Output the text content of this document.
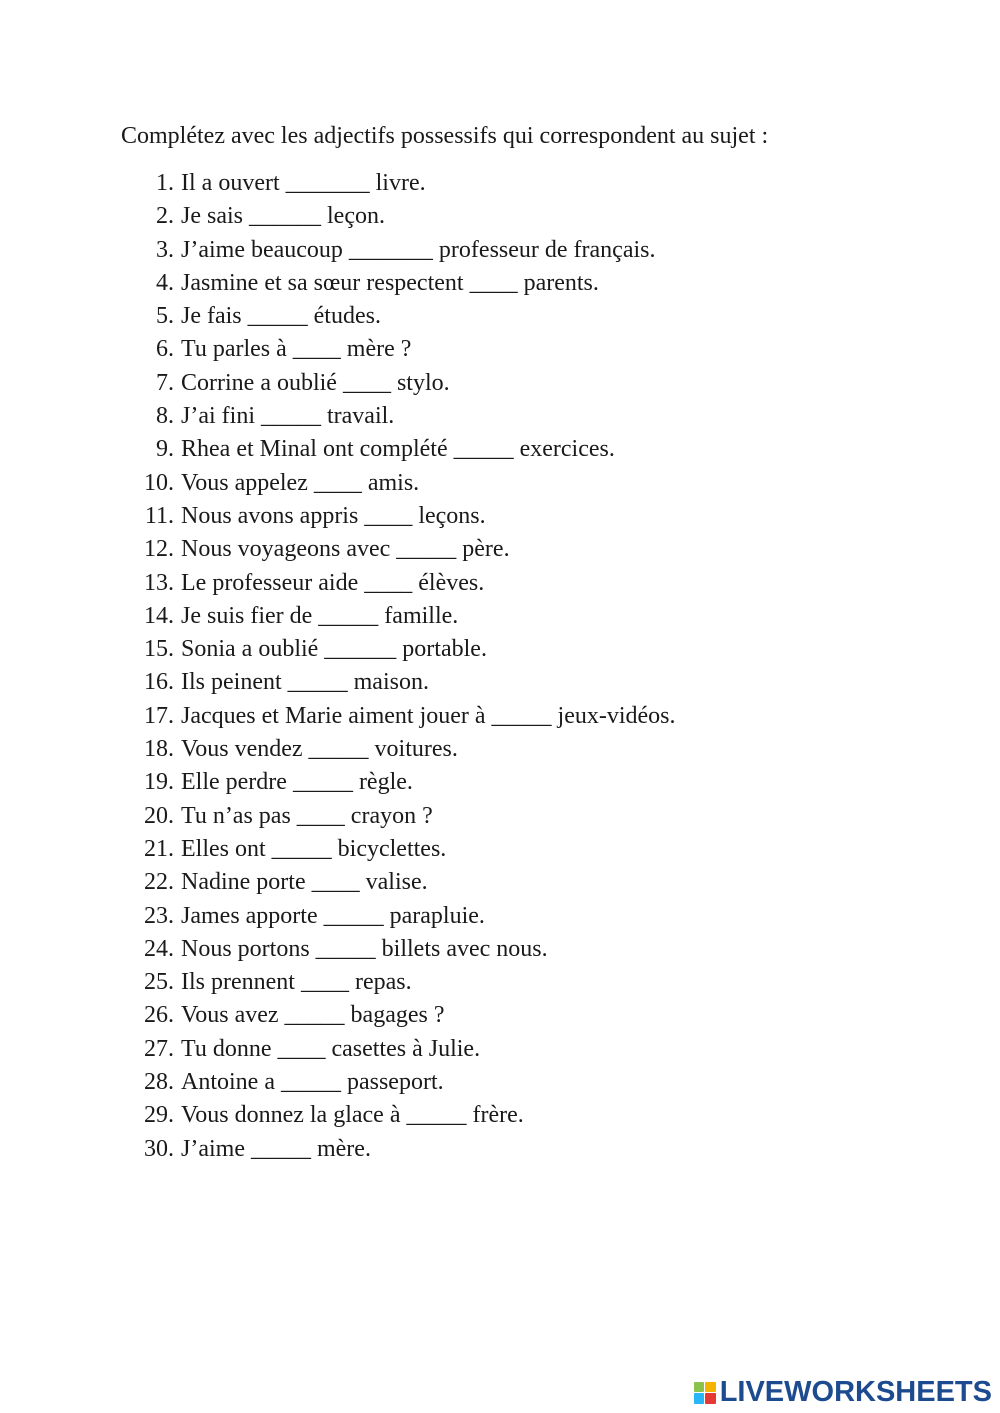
Complétez avec les adjectifs possessifs qui correspondent au sujet :
1. Il a ouvert _______ livre.
2. Je sais ______ leçon.
3. J’aime beaucoup _______ professeur de français.
4. Jasmine et sa sœur respectent ____ parents.
5. Je fais _____ études.
6. Tu parles à ____ mère ?
7. Corrine a oublié ____ stylo.
8. J’ai fini _____ travail.
9. Rhea et Minal ont complété _____ exercices.
10. Vous appelez ____ amis.
11. Nous avons appris ____ leçons.
12. Nous voyageons avec _____ père.
13. Le professeur aide ____ élèves.
14. Je suis fier de _____ famille.
15. Sonia a oublié ______ portable.
16. Ils peinent _____ maison.
17. Jacques et Marie aiment jouer à _____ jeux-vidéos.
18. Vous vendez _____ voitures.
19. Elle perdre _____ règle.
20. Tu n’as pas ____ crayon ?
21. Elles ont _____ bicyclettes.
22. Nadine porte ____ valise.
23. James apporte _____ parapluie.
24. Nous portons _____ billets avec nous.
25. Ils prennent ____ repas.
26. Vous avez _____ bagages ?
27. Tu donne ____ casettes à Julie.
28. Antoine a _____ passeport.
29. Vous donnez la glace à _____ frère.
30. J’aime _____ mère.
LIVEWORKSHEETS
